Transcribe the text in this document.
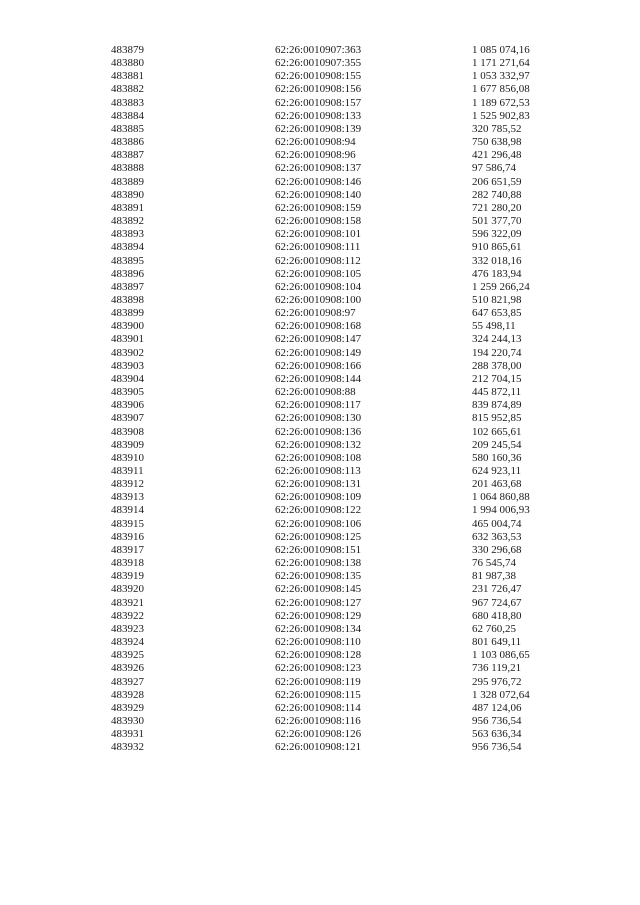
483879	62:26:0010907:363	1 085 074,16
483880	62:26:0010907:355	1 171 271,64
483881	62:26:0010908:155	1 053 332,97
483882	62:26:0010908:156	1 677 856,08
483883	62:26:0010908:157	1 189 672,53
483884	62:26:0010908:133	1 525 902,83
483885	62:26:0010908:139	320 785,52
483886	62:26:0010908:94	750 638,98
483887	62:26:0010908:96	421 296,48
483888	62:26:0010908:137	97 586,74
483889	62:26:0010908:146	206 651,59
483890	62:26:0010908:140	282 740,88
483891	62:26:0010908:159	721 280,20
483892	62:26:0010908:158	501 377,70
483893	62:26:0010908:101	596 322,09
483894	62:26:0010908:111	910 865,61
483895	62:26:0010908:112	332 018,16
483896	62:26:0010908:105	476 183,94
483897	62:26:0010908:104	1 259 266,24
483898	62:26:0010908:100	510 821,98
483899	62:26:0010908:97	647 653,85
483900	62:26:0010908:168	55 498,11
483901	62:26:0010908:147	324 244,13
483902	62:26:0010908:149	194 220,74
483903	62:26:0010908:166	288 378,00
483904	62:26:0010908:144	212 704,15
483905	62:26:0010908:88	445 872,11
483906	62:26:0010908:117	839 874,89
483907	62:26:0010908:130	815 952,85
483908	62:26:0010908:136	102 665,61
483909	62:26:0010908:132	209 245,54
483910	62:26:0010908:108	580 160,36
483911	62:26:0010908:113	624 923,11
483912	62:26:0010908:131	201 463,68
483913	62:26:0010908:109	1 064 860,88
483914	62:26:0010908:122	1 994 006,93
483915	62:26:0010908:106	465 004,74
483916	62:26:0010908:125	632 363,53
483917	62:26:0010908:151	330 296,68
483918	62:26:0010908:138	76 545,74
483919	62:26:0010908:135	81 987,38
483920	62:26:0010908:145	231 726,47
483921	62:26:0010908:127	967 724,67
483922	62:26:0010908:129	680 418,80
483923	62:26:0010908:134	62 760,25
483924	62:26:0010908:110	801 649,11
483925	62:26:0010908:128	1 103 086,65
483926	62:26:0010908:123	736 119,21
483927	62:26:0010908:119	295 976,72
483928	62:26:0010908:115	1 328 072,64
483929	62:26:0010908:114	487 124,06
483930	62:26:0010908:116	956 736,54
483931	62:26:0010908:126	563 636,34
483932	62:26:0010908:121	956 736,54
